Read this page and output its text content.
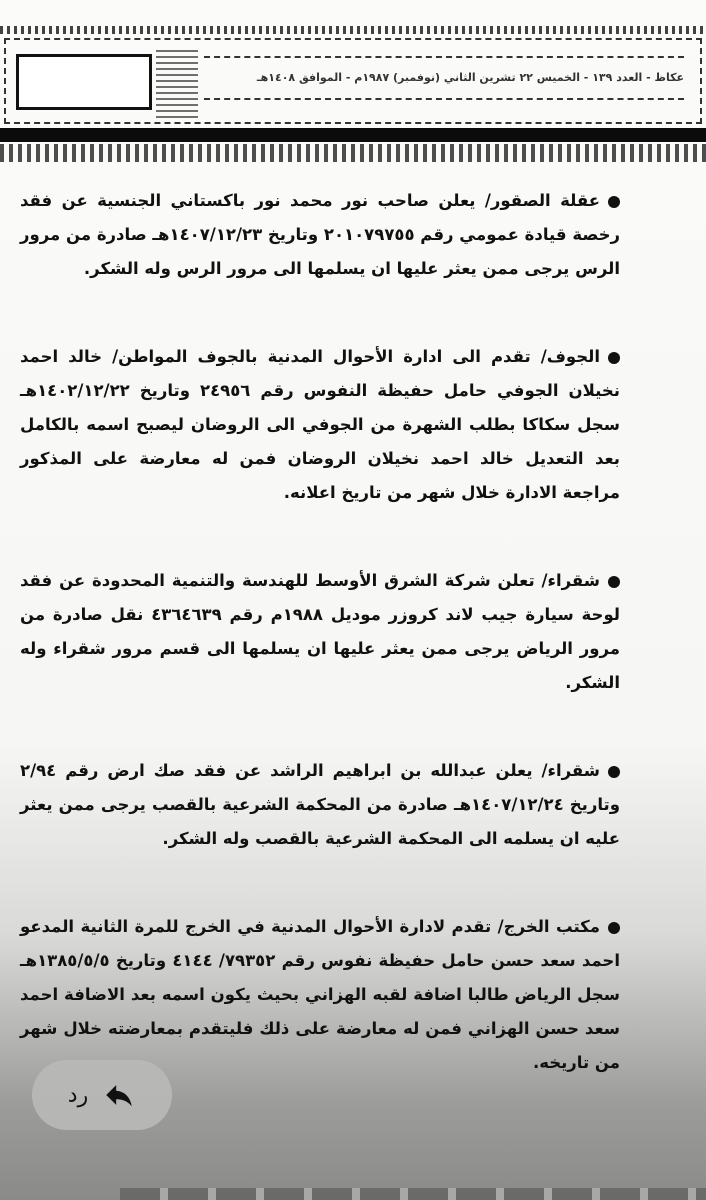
عكاظ - العدد ١٣٩ - الخميس ٢٢ تشرين الثاني (نوفمبر) ١٩٨٧م - الموافق ١٤٠٨هـ

عقلة الصقور/ يعلن صاحب نور محمد نور باكستاني الجنسية عن فقد رخصة قيادة عمومي رقم ٢٠١٠٧٩٧٥٥ وتاريخ ١٤٠٧/١٢/٢٣هـ صادرة من مرور الرس يرجى ممن يعثر عليها ان يسلمها الى مرور الرس وله الشكر.

الجوف/ تقدم الى ادارة الأحوال المدنية بالجوف المواطن/ خالد احمد نخيلان الجوفي حامل حفيظة النفوس رقم ٢٤٩٥٦ وتاريخ ١٤٠٢/١٢/٢٢هـ سجل سكاكا بطلب الشهرة من الجوفي الى الروضان ليصبح اسمه بالكامل بعد التعديل خالد احمد نخيلان الروضان فمن له معارضة على المذكور مراجعة الادارة خلال شهر من تاريخ اعلانه.

شقراء/ تعلن شركة الشرق الأوسط للهندسة والتنمية المحدودة عن فقد لوحة سيارة جيب لاند كروزر موديل ١٩٨٨م رقم ٤٣٦٤٦٣٩ نقل صادرة من مرور الرياض يرجى ممن يعثر عليها ان يسلمها الى قسم مرور شقراء وله الشكر.

شقراء/ يعلن عبدالله بن ابراهيم الراشد عن فقد صك ارض رقم ٢/٩٤ وتاريخ ١٤٠٧/١٢/٢٤هـ صادرة من المحكمة الشرعية بالقصب يرجى ممن يعثر عليه ان يسلمه الى المحكمة الشرعية بالقصب وله الشكر.

مكتب الخرج/ تقدم لادارة الأحوال المدنية في الخرج للمرة الثانية المدعو احمد سعد حسن حامل حفيظة نفوس رقم ٧٩٣٥٢/ ٤١٤٤ وتاريخ ١٣٨٥/٥/٥هـ سجل الرياض طالبا اضافة لقبه الهزاني بحيث يكون اسمه بعد الاضافة احمد سعد حسن الهزاني فمن له معارضة على ذلك فليتقدم بمعارضته خلال شهر من تاريخه.

رد
